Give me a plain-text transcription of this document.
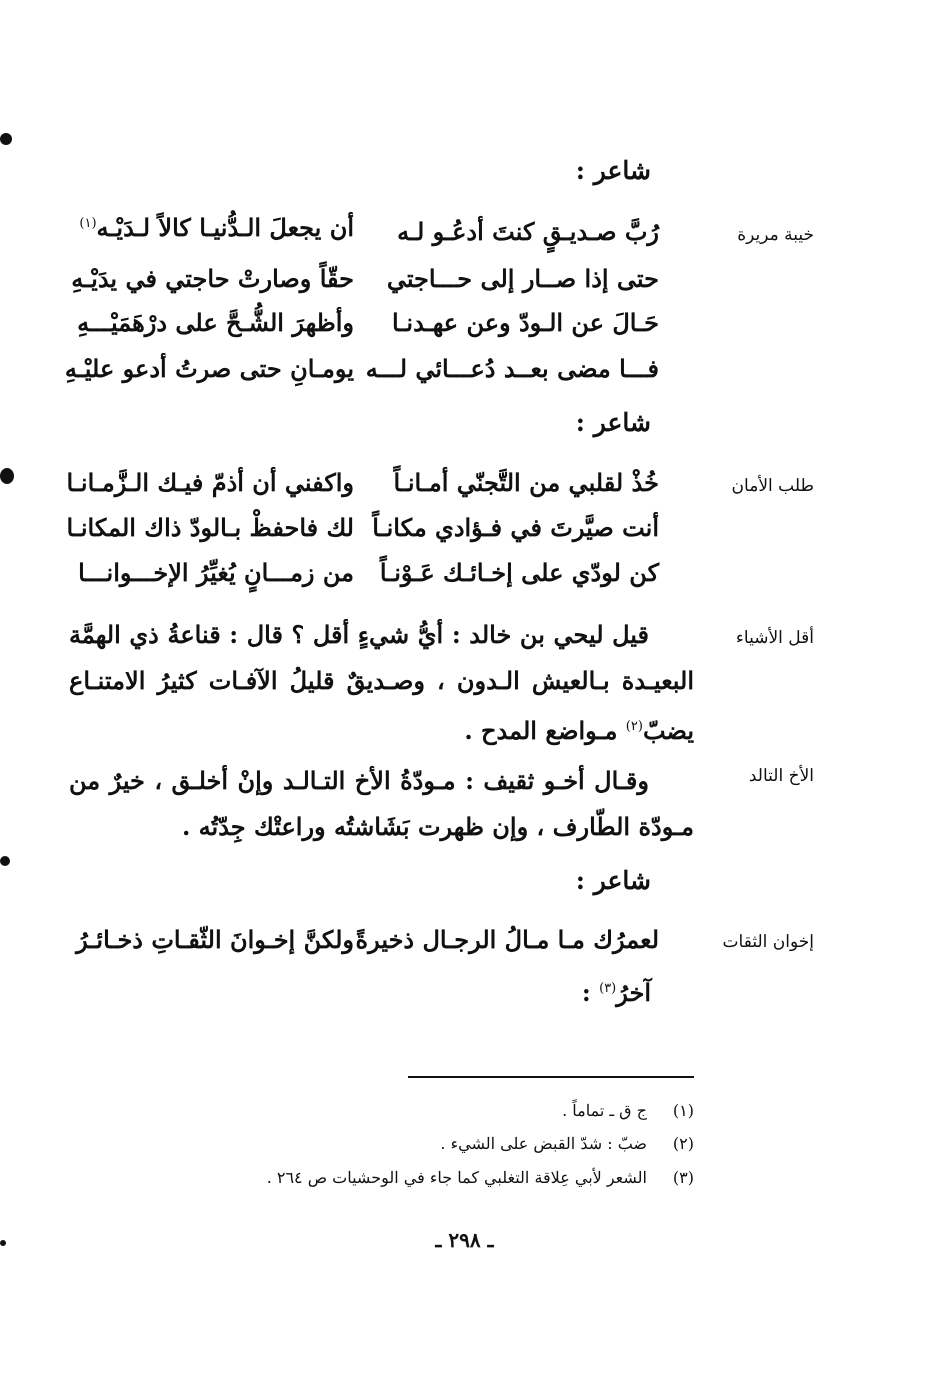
شاعر :
خيبة مريرة
رُبَّ صـديـقٍ كنتَ أدعُـو لـه
أن يجعلَ الـدُّنيـا كالاً لـدَيْـه$^{(١)}$
حتى إذا صــار إلى حـــاجتي
حقّاً وصارتْ حاجتي في يدَيْـهِ
حَـالَ عن الـودّ وعن عهـدنـا
وأظهرَ الشُّـحَّ على درْهَمَيْـــهِ
فـــا مضى بعــد دُعـــائي لـــه
يومـانِ حتى صرتُ أدعو عليْـهِ
شاعر :
طلب الأمان
خُذْ لقلبي من التَّجنّي أمـانـاً
واكفني أن أذمّ فيـك الـزَّمـانـا
أنت صيَّرتَ في فـؤادي مكانـاً
لك فاحفظْ بـالودّ ذاك المكانـا
كن لودّي على إخـائـك عَـوْنـاً
من زمـــانٍ يُغيِّرُ الإخـــوانـــا
أقل الأشياء
قيل ليحي بن خالد : أيُّ شيءٍ أقل ؟ قال : قناعةُ ذي الهمَّة البعيـدة بـالعيش الـدون ، وصـديقٌ قليلُ الآفـات كثيرُ الامتنـاع يضبّ$^{(٢)}$ مـواضع المدح .
الأخ التالد
وقـال أخـو ثقيف : مـودّةُ الأخ التـالـد وإنْ أخلـق ، خيرٌ من مـودّة الطّارف ، وإن ظهرت بَشَاشتُه وراعتْك جِدّتُه .
شاعر :
إخوان الثقات
لعمرُك مـا مـالُ الرجـال ذخيرةً
ولكنَّ إخـوانَ الثّقـاتِ ذخـائـرُ
آخرُ$^{(٣)}$ :
(١)
ج ق ـ تماماً .
(٢)
ضبّ : شدّ القبض على الشيء .
(٣)
الشعر لأبي عِلاقة التغلبي كما جاء في الوحشيات ص ٢٦٤ .
ـ ٢٩٨ ـ
